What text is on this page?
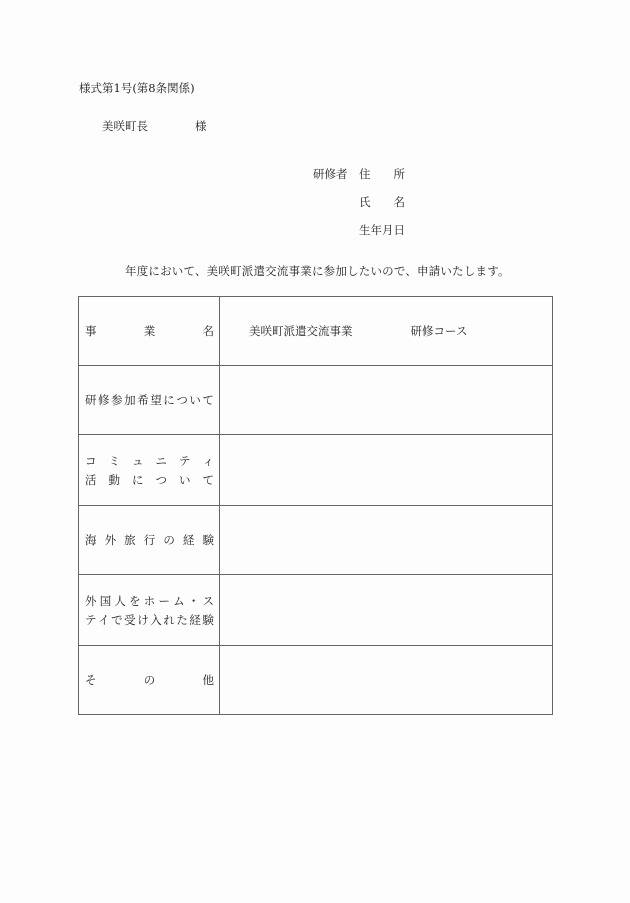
様式第1号(第8条関係)
美咲町長	様
研修者 住 所
氏 名
生 年 月 日
年度において、美咲町派遣交流事業に参加したいので、申請いたします。
事 業 名	美咲町派遣交流事業 研修コース

研 修 参 加 希 望 に つ い て

コ ミ ュ ニ テ ィ
活 動 に つ い て

海 外 旅 行 の 経 験

外 国 人 を ホ ー ム ・ ス
テ イ で 受 け 入 れ た 経 験

そ の 他	
